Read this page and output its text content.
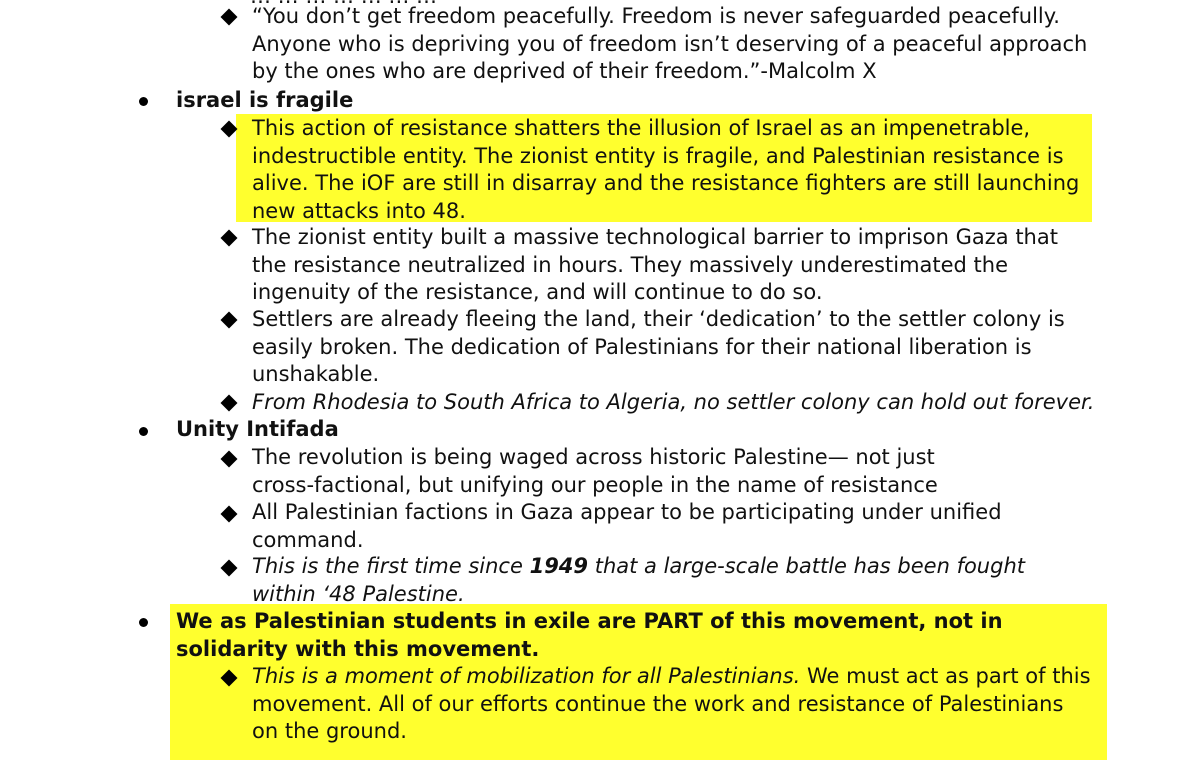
“You don’t get freedom peacefully. Freedom is never safeguarded peacefully. Anyone who is depriving you of freedom isn’t deserving of a peaceful approach by the ones who are deprived of their freedom.”-Malcolm X
israel is fragile
This action of resistance shatters the illusion of Israel as an impenetrable, indestructible entity. The zionist entity is fragile, and Palestinian resistance is alive. The iOF are still in disarray and the resistance fighters are still launching new attacks into 48.
The zionist entity built a massive technological barrier to imprison Gaza that the resistance neutralized in hours. They massively underestimated the ingenuity of the resistance, and will continue to do so.
Settlers are already fleeing the land, their ‘dedication’ to the settler colony is easily broken. The dedication of Palestinians for their national liberation is unshakable.
From Rhodesia to South Africa to Algeria, no settler colony can hold out forever.
Unity Intifada
The revolution is being waged across historic Palestine— not just cross-factional, but unifying our people in the name of resistance
All Palestinian factions in Gaza appear to be participating under unified command.
This is the first time since 1949 that a large-scale battle has been fought within ‘48 Palestine.
We as Palestinian students in exile are PART of this movement, not in solidarity with this movement.
This is a moment of mobilization for all Palestinians. We must act as part of this movement. All of our efforts continue the work and resistance of Palestinians on the ground.
